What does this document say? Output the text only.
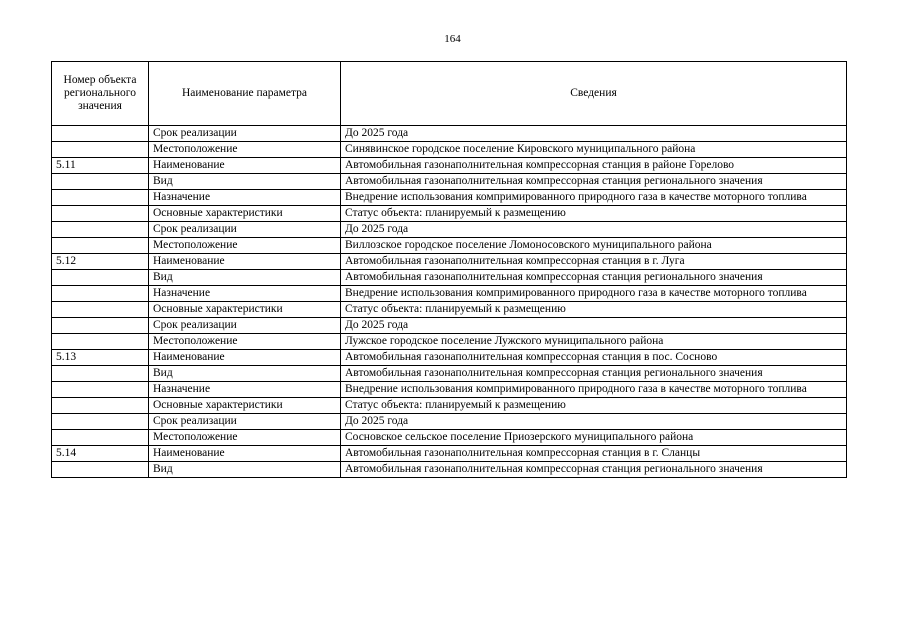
164
Номер объекта регионального значения	Наименование параметра	Сведения
	Срок реализации	До 2025 года
	Местоположение	Синявинское городское поселение Кировского муниципального района
5.11	Наименование	Автомобильная газонаполнительная компрессорная станция в районе Горелово
	Вид	Автомобильная газонаполнительная компрессорная станция регионального значения
	Назначение	Внедрение использования компримированного природного газа в качестве моторного топлива
	Основные характеристики	Статус объекта: планируемый к размещению
	Срок реализации	До 2025 года
	Местоположение	Виллозское городское поселение Ломоносовского муниципального района
5.12	Наименование	Автомобильная газонаполнительная компрессорная станция в г. Луга
	Вид	Автомобильная газонаполнительная компрессорная станция регионального значения
	Назначение	Внедрение использования компримированного природного газа в качестве моторного топлива
	Основные характеристики	Статус объекта: планируемый к размещению
	Срок реализации	До 2025 года
	Местоположение	Лужское городское поселение Лужского муниципального района
5.13	Наименование	Автомобильная газонаполнительная компрессорная станция в пос. Сосново
	Вид	Автомобильная газонаполнительная компрессорная станция регионального значения
	Назначение	Внедрение использования компримированного природного газа в качестве моторного топлива
	Основные характеристики	Статус объекта: планируемый к размещению
	Срок реализации	До 2025 года
	Местоположение	Сосновское сельское поселение Приозерского муниципального района
5.14	Наименование	Автомобильная газонаполнительная компрессорная станция в г. Сланцы
	Вид	Автомобильная газонаполнительная компрессорная станция регионального значения
